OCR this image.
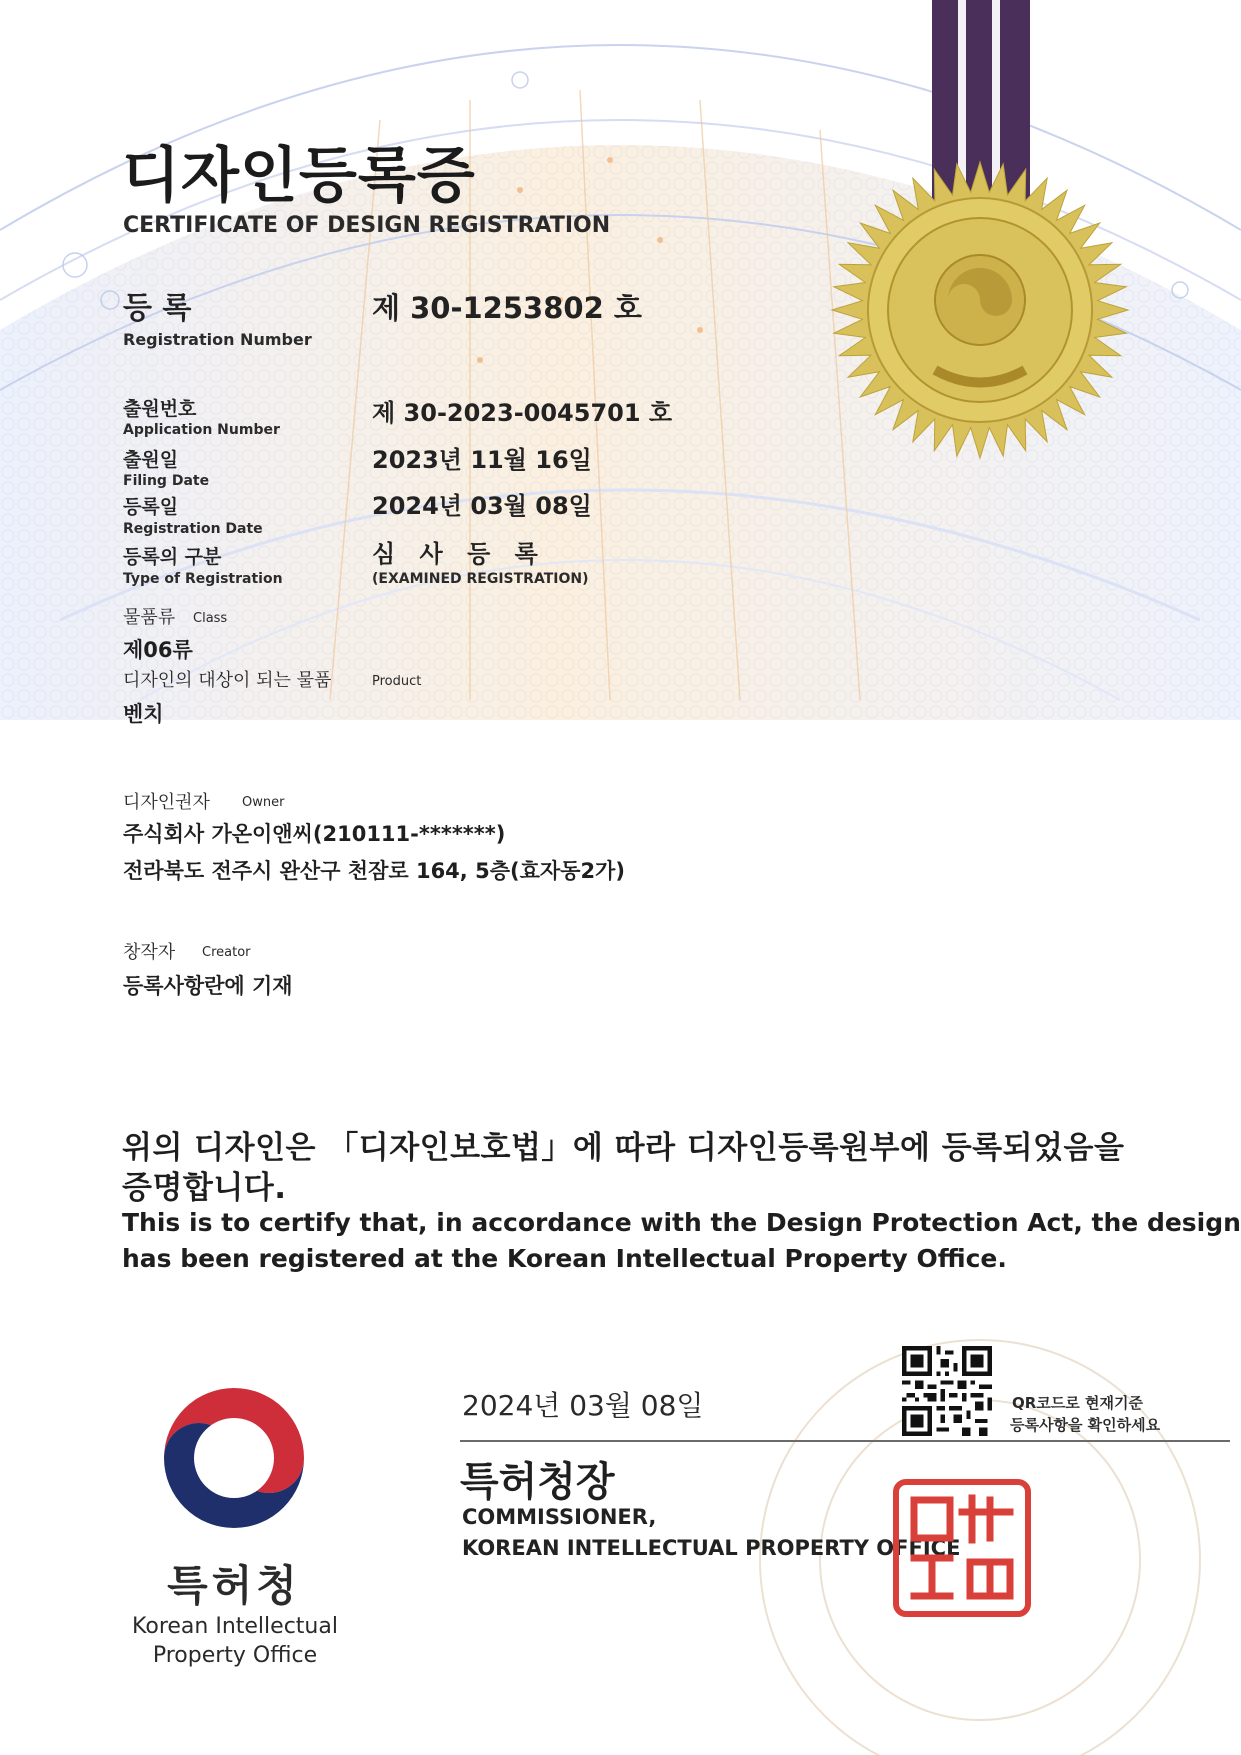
디자인등록증
CERTIFICATE OF DESIGN REGISTRATION
등 록
Registration Number
제 30-1253802 호
출원번호
Application Number
제 30-2023-0045701 호
출원일
Filing Date
2023년 11월 16일
등록일
Registration Date
2024년 03월 08일
등록의 구분
Type of Registration
심 사 등 록
(EXAMINED REGISTRATION)
물품류 Class
제06류
디자인의 대상이 되는 물품	Product
벤치
디자인권자 Owner
주식회사 가온이앤씨(210111-*******)
전라북도 전주시 완산구 천잠로 164, 5층(효자동2가)
창작자 Creator
등록사항란에 기재
위의 디자인은 「디자인보호법」에 따라 디자인등록원부에 등록되었음을
증명합니다.
This is to certify that, in accordance with the Design Protection Act, the design
has been registered at the Korean Intellectual Property Office.
2024년 03월 08일
특허청장
COMMISSIONER,
KOREAN INTELLECTUAL PROPERTY OFFICE
QR코드로 현재기준
등록사항을 확인하세요
특허청
Korean Intellectual
Property Office
